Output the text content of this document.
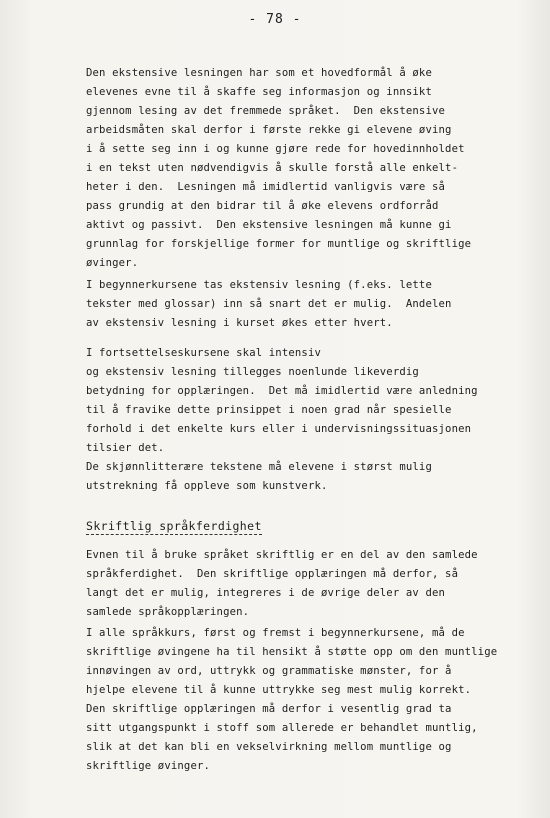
- 78 -
Den ekstensive lesningen har som et hovedformål å øke
elevenes evne til å skaffe seg informasjon og innsikt
gjennom lesing av det fremmede språket.  Den ekstensive
arbeidsmåten skal derfor i første rekke gi elevene øving
i å sette seg inn i og kunne gjøre rede for hovedinnholdet
i en tekst uten nødvendigvis å skulle forstå alle enkelt-
heter i den.  Lesningen må imidlertid vanligvis være så
pass grundig at den bidrar til å øke elevens ordforråd
aktivt og passivt.  Den ekstensive lesningen må kunne gi
grunnlag for forskjellige former for muntlige og skriftlige
øvinger.
I begynnerkursene tas ekstensiv lesning (f.eks. lette
tekster med glossar) inn så snart det er mulig.  Andelen
av ekstensiv lesning i kurset økes etter hvert.
I fortsettelseskursene skal intensiv
og ekstensiv lesning tillegges noenlunde likeverdig
betydning for opplæringen.  Det må imidlertid være anledning
til å fravike dette prinsippet i noen grad når spesielle
forhold i det enkelte kurs eller i undervisningssituasjonen
tilsier det.
De skjønnlitterære tekstene må elevene i størst mulig
utstrekning få oppleve som kunstverk.
Skriftlig språkferdighet
Evnen til å bruke språket skriftlig er en del av den samlede
språkferdighet.  Den skriftlige opplæringen må derfor, så
langt det er mulig, integreres i de øvrige deler av den
samlede språkopplæringen.
I alle språkkurs, først og fremst i begynnerkursene, må de
skriftlige øvingene ha til hensikt å støtte opp om den muntlige
innøvingen av ord, uttrykk og grammatiske mønster, for å
hjelpe elevene til å kunne uttrykke seg mest mulig korrekt.
Den skriftlige opplæringen må derfor i vesentlig grad ta
sitt utgangspunkt i stoff som allerede er behandlet muntlig,
slik at det kan bli en vekselvirkning mellom muntlige og
skriftlige øvinger.
